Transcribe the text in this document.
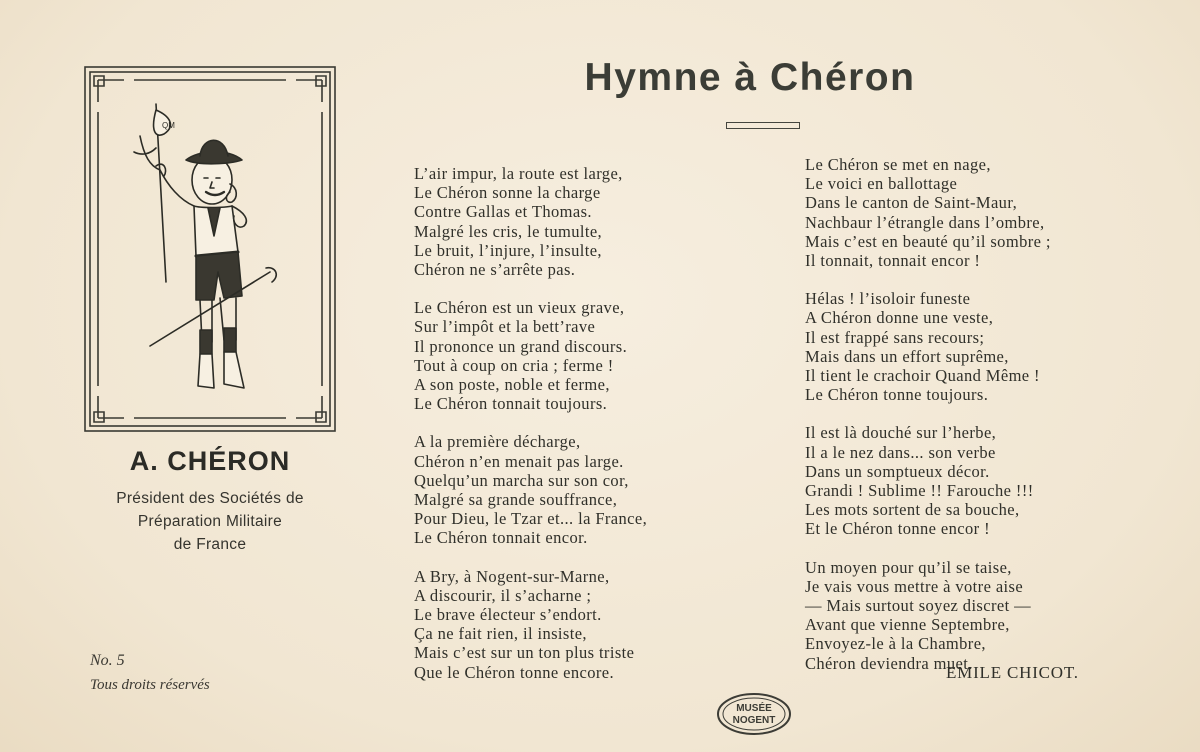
QM
A. CHÉRON
Président des Sociétés de
Préparation Militaire
de France
No. 5
Tous droits réservés
Hymne à Chéron
L’air impur, la route est large,
Le Chéron sonne la charge
Contre Gallas et Thomas.
Malgré les cris, le tumulte,
Le bruit, l’injure, l’insulte,
Chéron ne s’arrête pas.
Le Chéron est un vieux grave,
Sur l’impôt et la bett’rave
Il prononce un grand discours.
Tout à coup on cria ; ferme !
A son poste, noble et ferme,
Le Chéron tonnait toujours.
A la première décharge,
Chéron n’en menait pas large.
Quelqu’un marcha sur son cor,
Malgré sa grande souffrance,
Pour Dieu, le Tzar et... la France,
Le Chéron tonnait encor.
A Bry, à Nogent-sur-Marne,
A discourir, il s’acharne ;
Le brave électeur s’endort.
Ça ne fait rien, il insiste,
Mais c’est sur un ton plus triste
Que le Chéron tonne encore.
Le Chéron se met en nage,
Le voici en ballottage
Dans le canton de Saint-Maur,
Nachbaur l’étrangle dans l’ombre,
Mais c’est en beauté qu’il sombre ;
Il tonnait, tonnait encor !
Hélas ! l’isoloir funeste
A Chéron donne une veste,
Il est frappé sans recours;
Mais dans un effort suprême,
Il tient le crachoir Quand Même !
Le Chéron tonne toujours.
Il est là douché sur l’herbe,
Il a le nez dans... son verbe
Dans un somptueux décor.
Grandi ! Sublime !! Farouche !!!
Les mots sortent de sa bouche,
Et le Chéron tonne encor !
Un moyen pour qu’il se taise,
Je vais vous mettre à votre aise
— Mais surtout soyez discret —
Avant que vienne Septembre,
Envoyez-le à la Chambre,
Chéron deviendra muet.
EMILE CHICOT.
MUSÉE
NOGENT
